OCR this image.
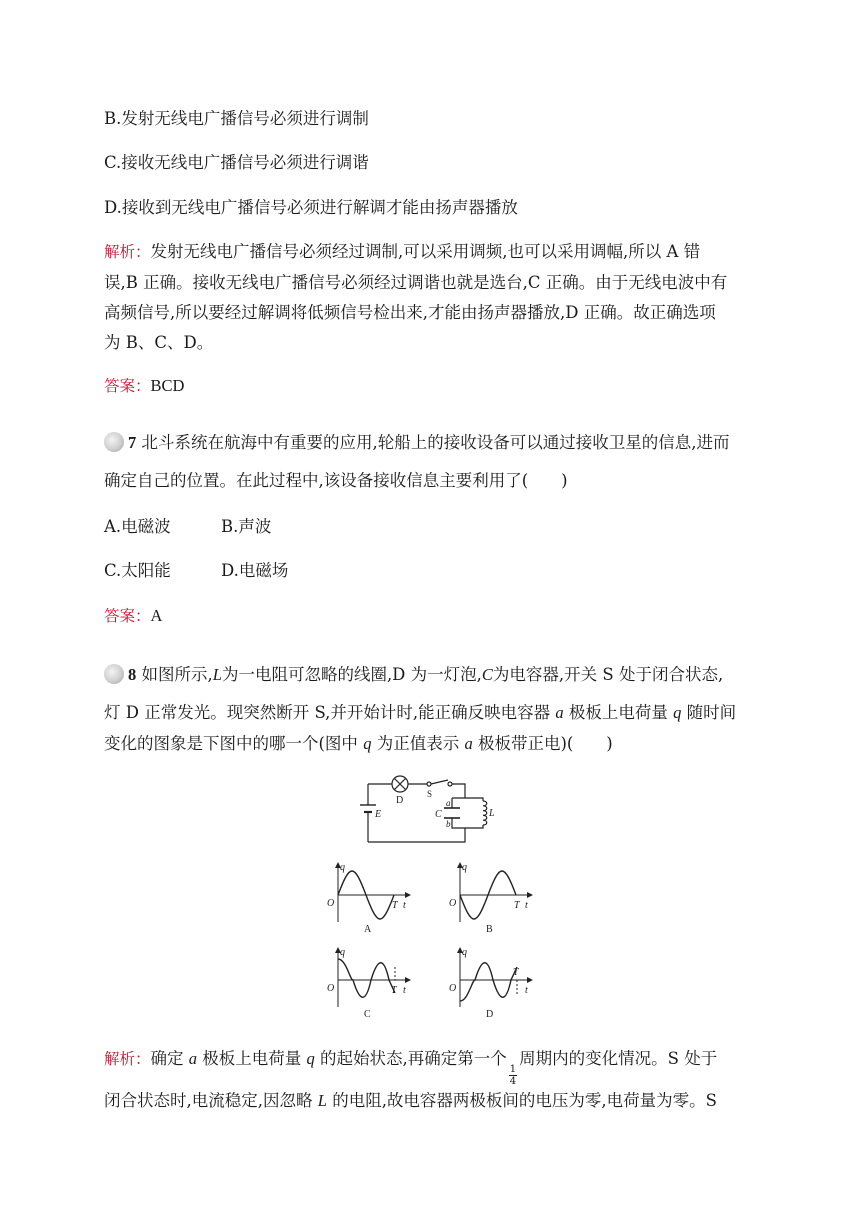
B.发射无线电广播信号必须进行调制
C.接收无线电广播信号必须进行调谐
D.接收到无线电广播信号必须进行解调才能由扬声器播放
解析：发射无线电广播信号必须经过调制,可以采用调频,也可以采用调幅,所以 A 错
误,B 正确。接收无线电广播信号必须经过调谐也就是选台,C 正确。由于无线电波中有
高频信号,所以要经过解调将低频信号检出来,才能由扬声器播放,D 正确。故正确选项
为 B、C、D。
答案：BCD
7 北斗系统在航海中有重要的应用,轮船上的接收设备可以通过接收卫星的信息,进而
确定自己的位置。在此过程中,该设备接收信息主要利用了(　　)
A.电磁波	B.声波
C.太阳能	D.电磁场
答案：A
8 如图所示,L为一电阻可忽略的线圈,D 为一灯泡,C为电容器,开关 S 处于闭合状态,
灯 D 正常发光。现突然断开 S,并开始计时,能正确反映电容器 a 极板上电荷量 q 随时间
变化的图象是下图中的哪一个(图中 q 为正值表示 a 极板带正电)(　　)
E
D
S
a
b
C	L
q
O	T t
A
q
O	T t
B
q
O	T t
C
q
O
T
t
D
解析：确定 a 极板上电荷量 q 的起始状态,再确定第一个
$\frac{1}{4}$
周期内的变化情况。S 处于
闭合状态时,电流稳定,因忽略 L 的电阻,故电容器两极板间的电压为零,电荷量为零。S
